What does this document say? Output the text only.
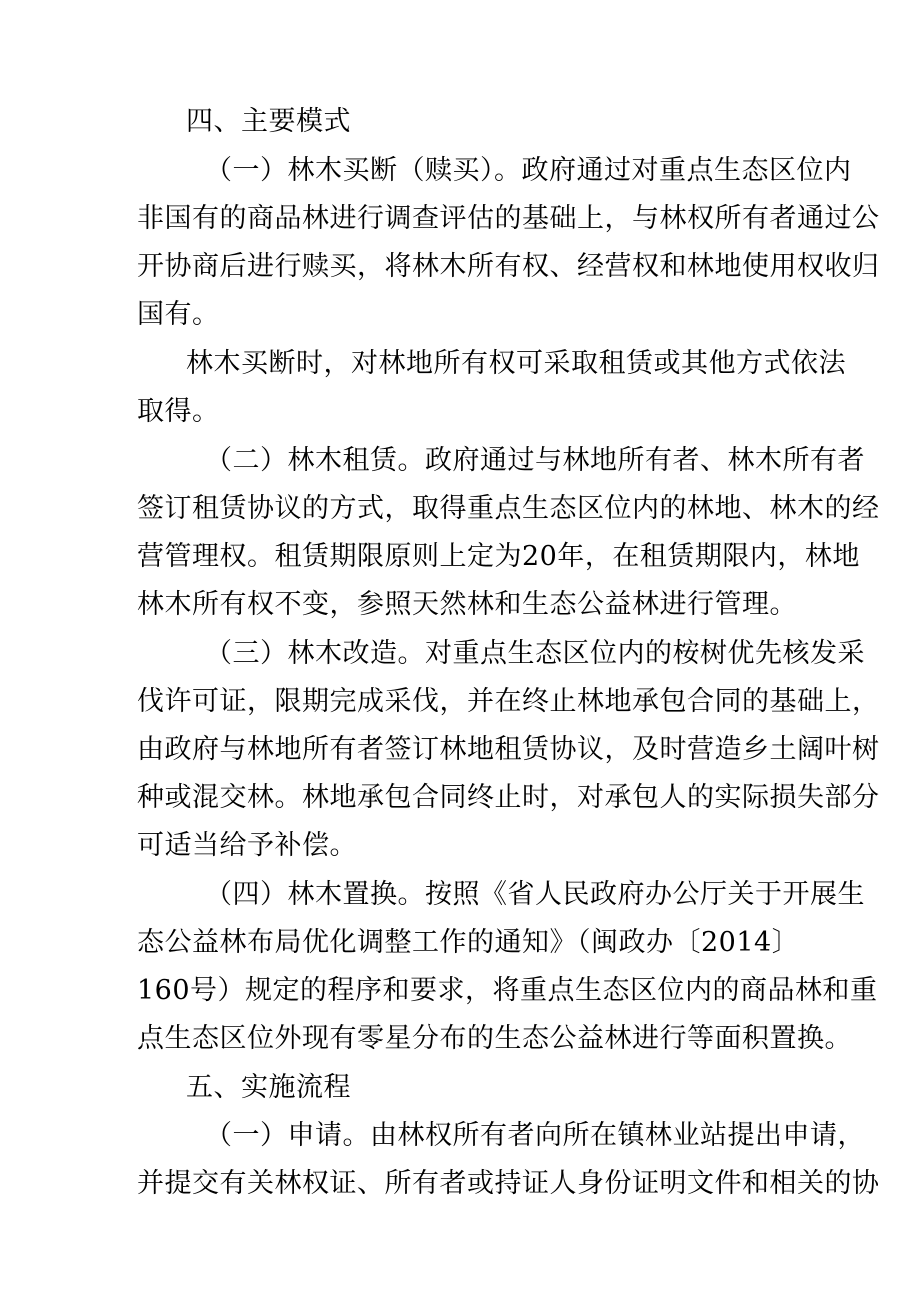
四、主要模式
（一）林木买断（赎买）。政府通过对重点生态区位内
非国有的商品林进行调查评估的基础上，与林权所有者通过公
开协商后进行赎买，将林木所有权、经营权和林地使用权收归
国有。
林木买断时，对林地所有权可采取租赁或其他方式依法
取得。
（二）林木租赁。政府通过与林地所有者、林木所有者
签订租赁协议的方式，取得重点生态区位内的林地、林木的经
营管理权。租赁期限原则上定为20年，在租赁期限内，林地
林木所有权不变，参照天然林和生态公益林进行管理。
（三）林木改造。对重点生态区位内的桉树优先核发采
伐许可证，限期完成采伐，并在终止林地承包合同的基础上，
由政府与林地所有者签订林地租赁协议，及时营造乡土阔叶树
种或混交林。林地承包合同终止时，对承包人的实际损失部分
可适当给予补偿。
（四）林木置换。按照《省人民政府办公厅关于开展生
态公益林布局优化调整工作的通知》（闽政办〔2014〕
160号）规定的程序和要求，将重点生态区位内的商品林和重
点生态区位外现有零星分布的生态公益林进行等面积置换。
五、实施流程
（一）申请。由林权所有者向所在镇林业站提出申请，
并提交有关林权证、所有者或持证人身份证明文件和相关的协
